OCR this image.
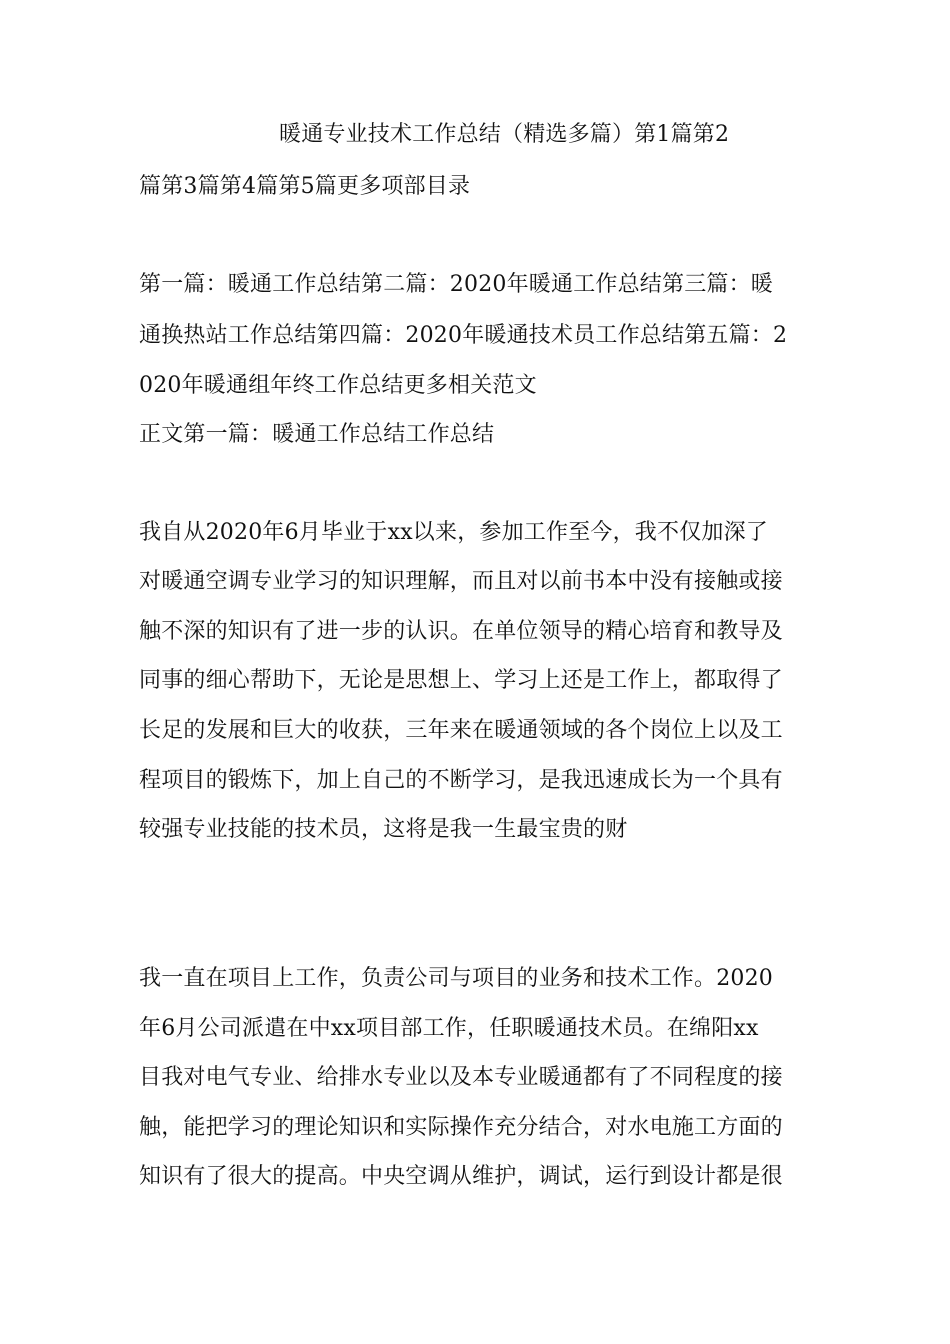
暖通专业技术工作总结（精选多篇）第1篇第2
篇第3篇第4篇第5篇更多项部目录
第一篇：暖通工作总结第二篇：2020年暖通工作总结第三篇：暖
通换热站工作总结第四篇：2020年暖通技术员工作总结第五篇：2
020年暖通组年终工作总结更多相关范文
正文第一篇：暖通工作总结工作总结
我自从2020年6月毕业于xx以来，参加工作至今，我不仅加深了
对暖通空调专业学习的知识理解，而且对以前书本中没有接触或接
触不深的知识有了进一步的认识。在单位领导的精心培育和教导及
同事的细心帮助下，无论是思想上、学习上还是工作上，都取得了
长足的发展和巨大的收获，三年来在暖通领域的各个岗位上以及工
程项目的锻炼下，加上自己的不断学习，是我迅速成长为一个具有
较强专业技能的技术员，这将是我一生最宝贵的财
我一直在项目上工作，负责公司与项目的业务和技术工作。2020
年6月公司派遣在中xx项目部工作，任职暖通技术员。在绵阳xx
目我对电气专业、给排水专业以及本专业暖通都有了不同程度的接
触，能把学习的理论知识和实际操作充分结合，对水电施工方面的
知识有了很大的提高。中央空调从维护，调试，运行到设计都是很
